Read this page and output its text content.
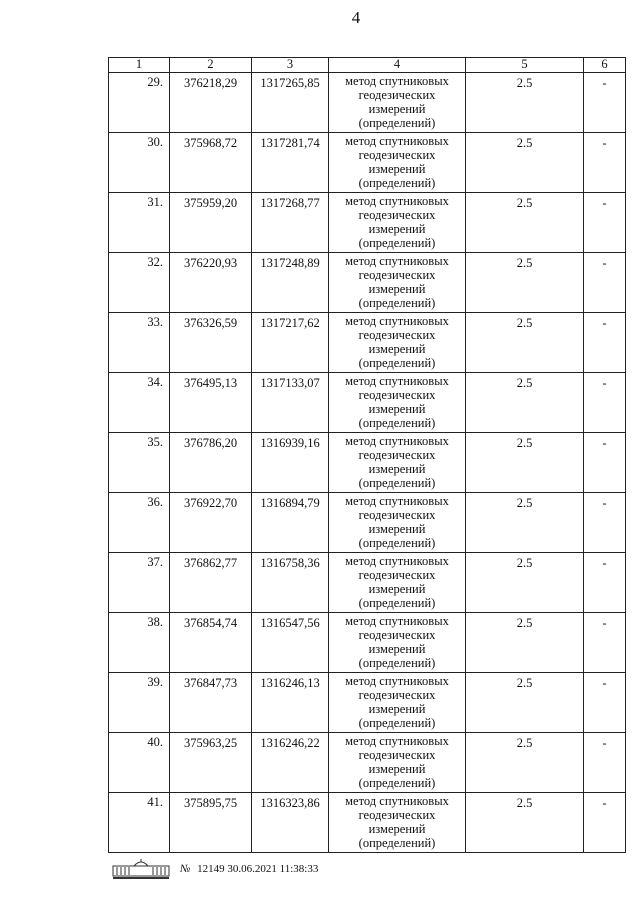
4
1	2	3	4	5	6
29.	376218,29	1317265,85	метод спутниковых
геодезических
измерений
(определений)	2.5	-
30.	375968,72	1317281,74	метод спутниковых
геодезических
измерений
(определений)	2.5	-
31.	375959,20	1317268,77	метод спутниковых
геодезических
измерений
(определений)	2.5	-
32.	376220,93	1317248,89	метод спутниковых
геодезических
измерений
(определений)	2.5	-
33.	376326,59	1317217,62	метод спутниковых
геодезических
измерений
(определений)	2.5	-
34.	376495,13	1317133,07	метод спутниковых
геодезических
измерений
(определений)	2.5	-
35.	376786,20	1316939,16	метод спутниковых
геодезических
измерений
(определений)	2.5	-
36.	376922,70	1316894,79	метод спутниковых
геодезических
измерений
(определений)	2.5	-
37.	376862,77	1316758,36	метод спутниковых
геодезических
измерений
(определений)	2.5	-
38.	376854,74	1316547,56	метод спутниковых
геодезических
измерений
(определений)	2.5	-
39.	376847,73	1316246,13	метод спутниковых
геодезических
измерений
(определений)	2.5	-
40.	375963,25	1316246,22	метод спутниковых
геодезических
измерений
(определений)	2.5	-
41.	375895,75	1316323,86	метод спутниковых
геодезических
измерений
(определений)	2.5	-
№ 12149 30.06.2021 11:38:33
